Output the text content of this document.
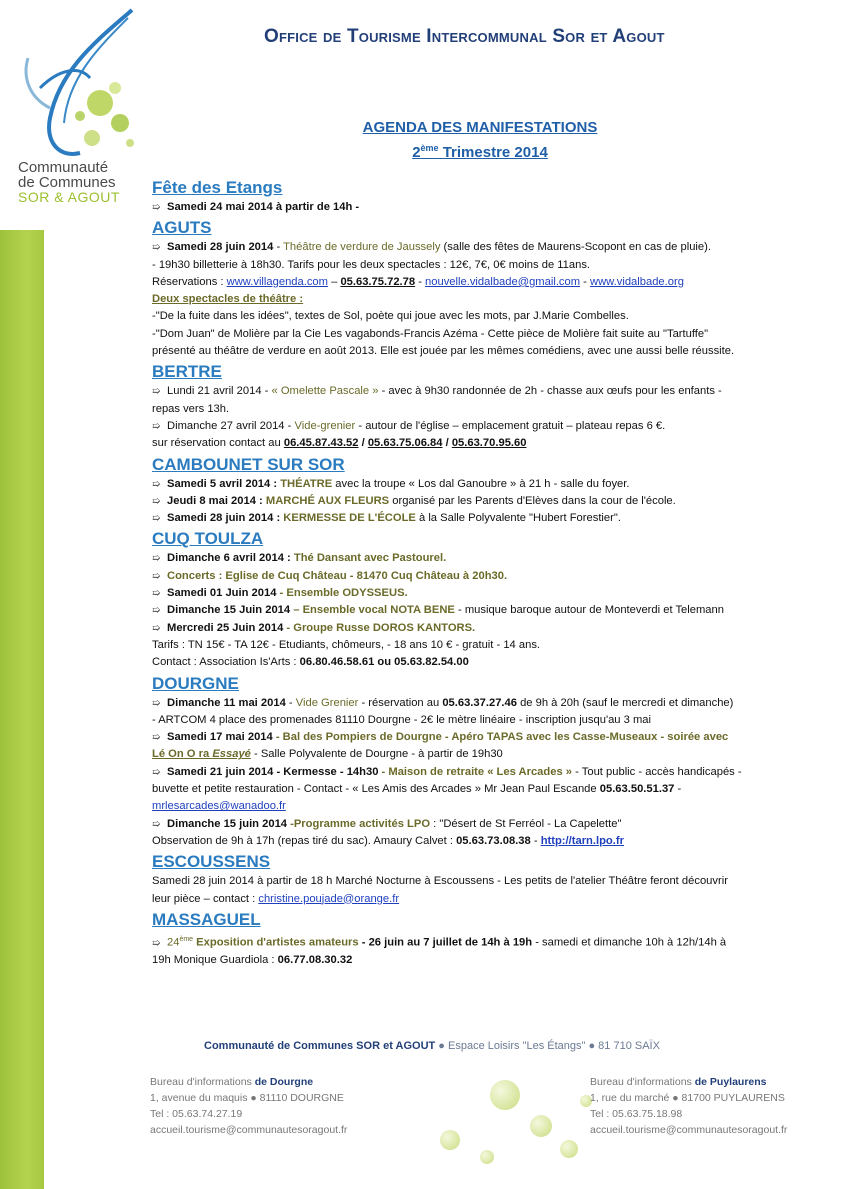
Communauté
de Communes
SOR & AGOUT
Office de Tourisme Intercommunal Sor et Agout
AGENDA DES MANIFESTATIONS
2ème Trimestre 2014
Fête des Etangs
➯ Samedi 24 mai 2014 à partir de 14h -
AGUTS
➯ Samedi 28 juin 2014 - Théâtre de verdure de Jaussely (salle des fêtes de Maurens-Scopont en cas de pluie).
- 19h30 billetterie à 18h30. Tarifs pour les deux spectacles : 12€, 7€, 0€ moins de 11ans.
Réservations : www.villagenda.com – 05.63.75.72.78 - nouvelle.vidalbade@gmail.com - www.vidalbade.org
Deux spectacles de théâtre :
-"De la fuite dans les idées", textes de Sol, poète qui joue avec les mots, par J.Marie Combelles.
-"Dom Juan" de Molière par la Cie Les vagabonds-Francis Azéma - Cette pièce de Molière fait suite au "Tartuffe"
présenté au théâtre de verdure en août 2013. Elle est jouée par les mêmes comédiens, avec une aussi belle réussite.
BERTRE
➯ Lundi 21 avril 2014 - « Omelette Pascale » - avec à 9h30 randonnée de 2h - chasse aux œufs pour les enfants -
repas vers 13h.
➯ Dimanche 27 avril 2014 - Vide-grenier - autour de l'église – emplacement gratuit – plateau repas 6 €.
sur réservation contact au 06.45.87.43.52 / 05.63.75.06.84 / 05.63.70.95.60
CAMBOUNET SUR SOR
➯ Samedi 5 avril 2014 : THÉATRE avec la troupe « Los dal Ganoubre » à 21 h - salle du foyer.
➯ Jeudi 8 mai 2014 : MARCHÉ AUX FLEURS organisé par les Parents d'Elèves dans la cour de l'école.
➯ Samedi 28 juin 2014 : KERMESSE DE L'ÉCOLE à la Salle Polyvalente "Hubert Forestier".
CUQ TOULZA
➯ Dimanche 6 avril 2014 : Thé Dansant avec Pastourel.
➯ Concerts : Eglise de Cuq Château - 81470 Cuq Château à 20h30.
➯ Samedi 01 Juin 2014 - Ensemble ODYSSEUS.
➯ Dimanche 15 Juin 2014 – Ensemble vocal NOTA BENE - musique baroque autour de Monteverdi et Telemann
➯ Mercredi 25 Juin 2014 - Groupe Russe DOROS KANTORS.
Tarifs : TN 15€ - TA 12€ - Etudiants, chômeurs, - 18 ans 10 € - gratuit - 14 ans.
Contact : Association Is'Arts : 06.80.46.58.61 ou 05.63.82.54.00
DOURGNE
➯ Dimanche 11 mai 2014 - Vide Grenier - réservation au 05.63.37.27.46 de 9h à 20h (sauf le mercredi et dimanche)
- ARTCOM 4 place des promenades 81110 Dourgne - 2€ le mètre linéaire - inscription jusqu'au 3 mai
➯ Samedi 17 mai 2014 - Bal des Pompiers de Dourgne - Apéro TAPAS avec les Casse-Museaux - soirée avec
Lé On O ra Essayé - Salle Polyvalente de Dourgne - à partir de 19h30
➯ Samedi 21 juin 2014 - Kermesse - 14h30 - Maison de retraite « Les Arcades » - Tout public - accès handicapés -
buvette et petite restauration - Contact - « Les Amis des Arcades » Mr Jean Paul Escande 05.63.50.51.37 -
mrlesarcades@wanadoo.fr
➯ Dimanche 15 juin 2014 -Programme activités LPO : "Désert de St Ferréol - La Capelette"
Observation de 9h à 17h (repas tiré du sac). Amaury Calvet : 05.63.73.08.38 - http://tarn.lpo.fr
ESCOUSSENS
Samedi 28 juin 2014 à partir de 18 h Marché Nocturne à Escoussens - Les petits de l'atelier Théâtre feront découvrir
leur pièce – contact : christine.poujade@orange.fr
MASSAGUEL
➯ 24ème Exposition d'artistes amateurs - 26 juin au 7 juillet de 14h à 19h - samedi et dimanche 10h à 12h/14h à
19h Monique Guardiola : 06.77.08.30.32
Communauté de Communes SOR et AGOUT ● Espace Loisirs "Les Étangs" ● 81 710 SAÏX
Bureau d'informations de Dourgne
1, avenue du maquis ● 81110 DOURGNE
Tel : 05.63.74.27.19
accueil.tourisme@communautesoragout.fr
Bureau d'informations de Puylaurens
1, rue du marché ● 81700 PUYLAURENS
Tel : 05.63.75.18.98
accueil.tourisme@communautesoragout.fr
